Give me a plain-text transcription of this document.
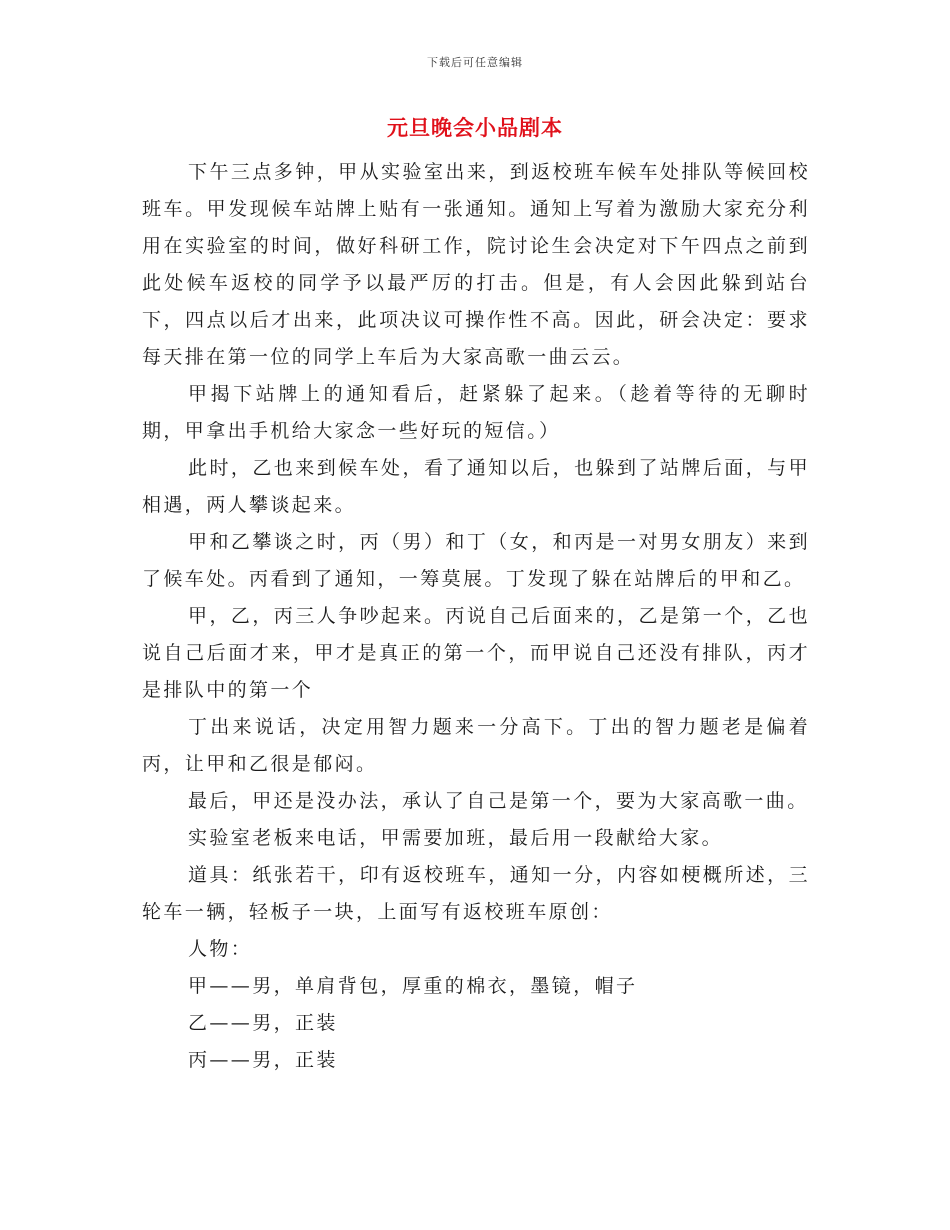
下载后可任意编辑
元旦晚会小品剧本

下午三点多钟，甲从实验室出来，到返校班车候车处排队等候回校班车。甲发现候车站牌上贴有一张通知。通知上写着为激励大家充分利用在实验室的时间，做好科研工作，院讨论生会决定对下午四点之前到此处候车返校的同学予以最严厉的打击。但是，有人会因此躲到站台下，四点以后才出来，此项决议可操作性不高。因此，研会决定：要求每天排在第一位的同学上车后为大家高歌一曲云云。

甲揭下站牌上的通知看后，赶紧躲了起来。（趁着等待的无聊时期，甲拿出手机给大家念一些好玩的短信。）

此时，乙也来到候车处，看了通知以后，也躲到了站牌后面，与甲相遇，两人攀谈起来。

甲和乙攀谈之时，丙（男）和丁（女，和丙是一对男女朋友）来到了候车处。丙看到了通知，一筹莫展。丁发现了躲在站牌后的甲和乙。

甲，乙，丙三人争吵起来。丙说自己后面来的，乙是第一个，乙也说自己后面才来，甲才是真正的第一个，而甲说自己还没有排队，丙才是排队中的第一个

丁出来说话，决定用智力题来一分高下。丁出的智力题老是偏着丙，让甲和乙很是郁闷。

最后，甲还是没办法，承认了自己是第一个，要为大家高歌一曲。

实验室老板来电话，甲需要加班，最后用一段献给大家。

道具：纸张若干，印有返校班车，通知一分，内容如梗概所述，三轮车一辆，轻板子一块，上面写有返校班车原创：

人物：

甲——男，单肩背包，厚重的棉衣，墨镜，帽子

乙——男，正装

丙——男，正装
